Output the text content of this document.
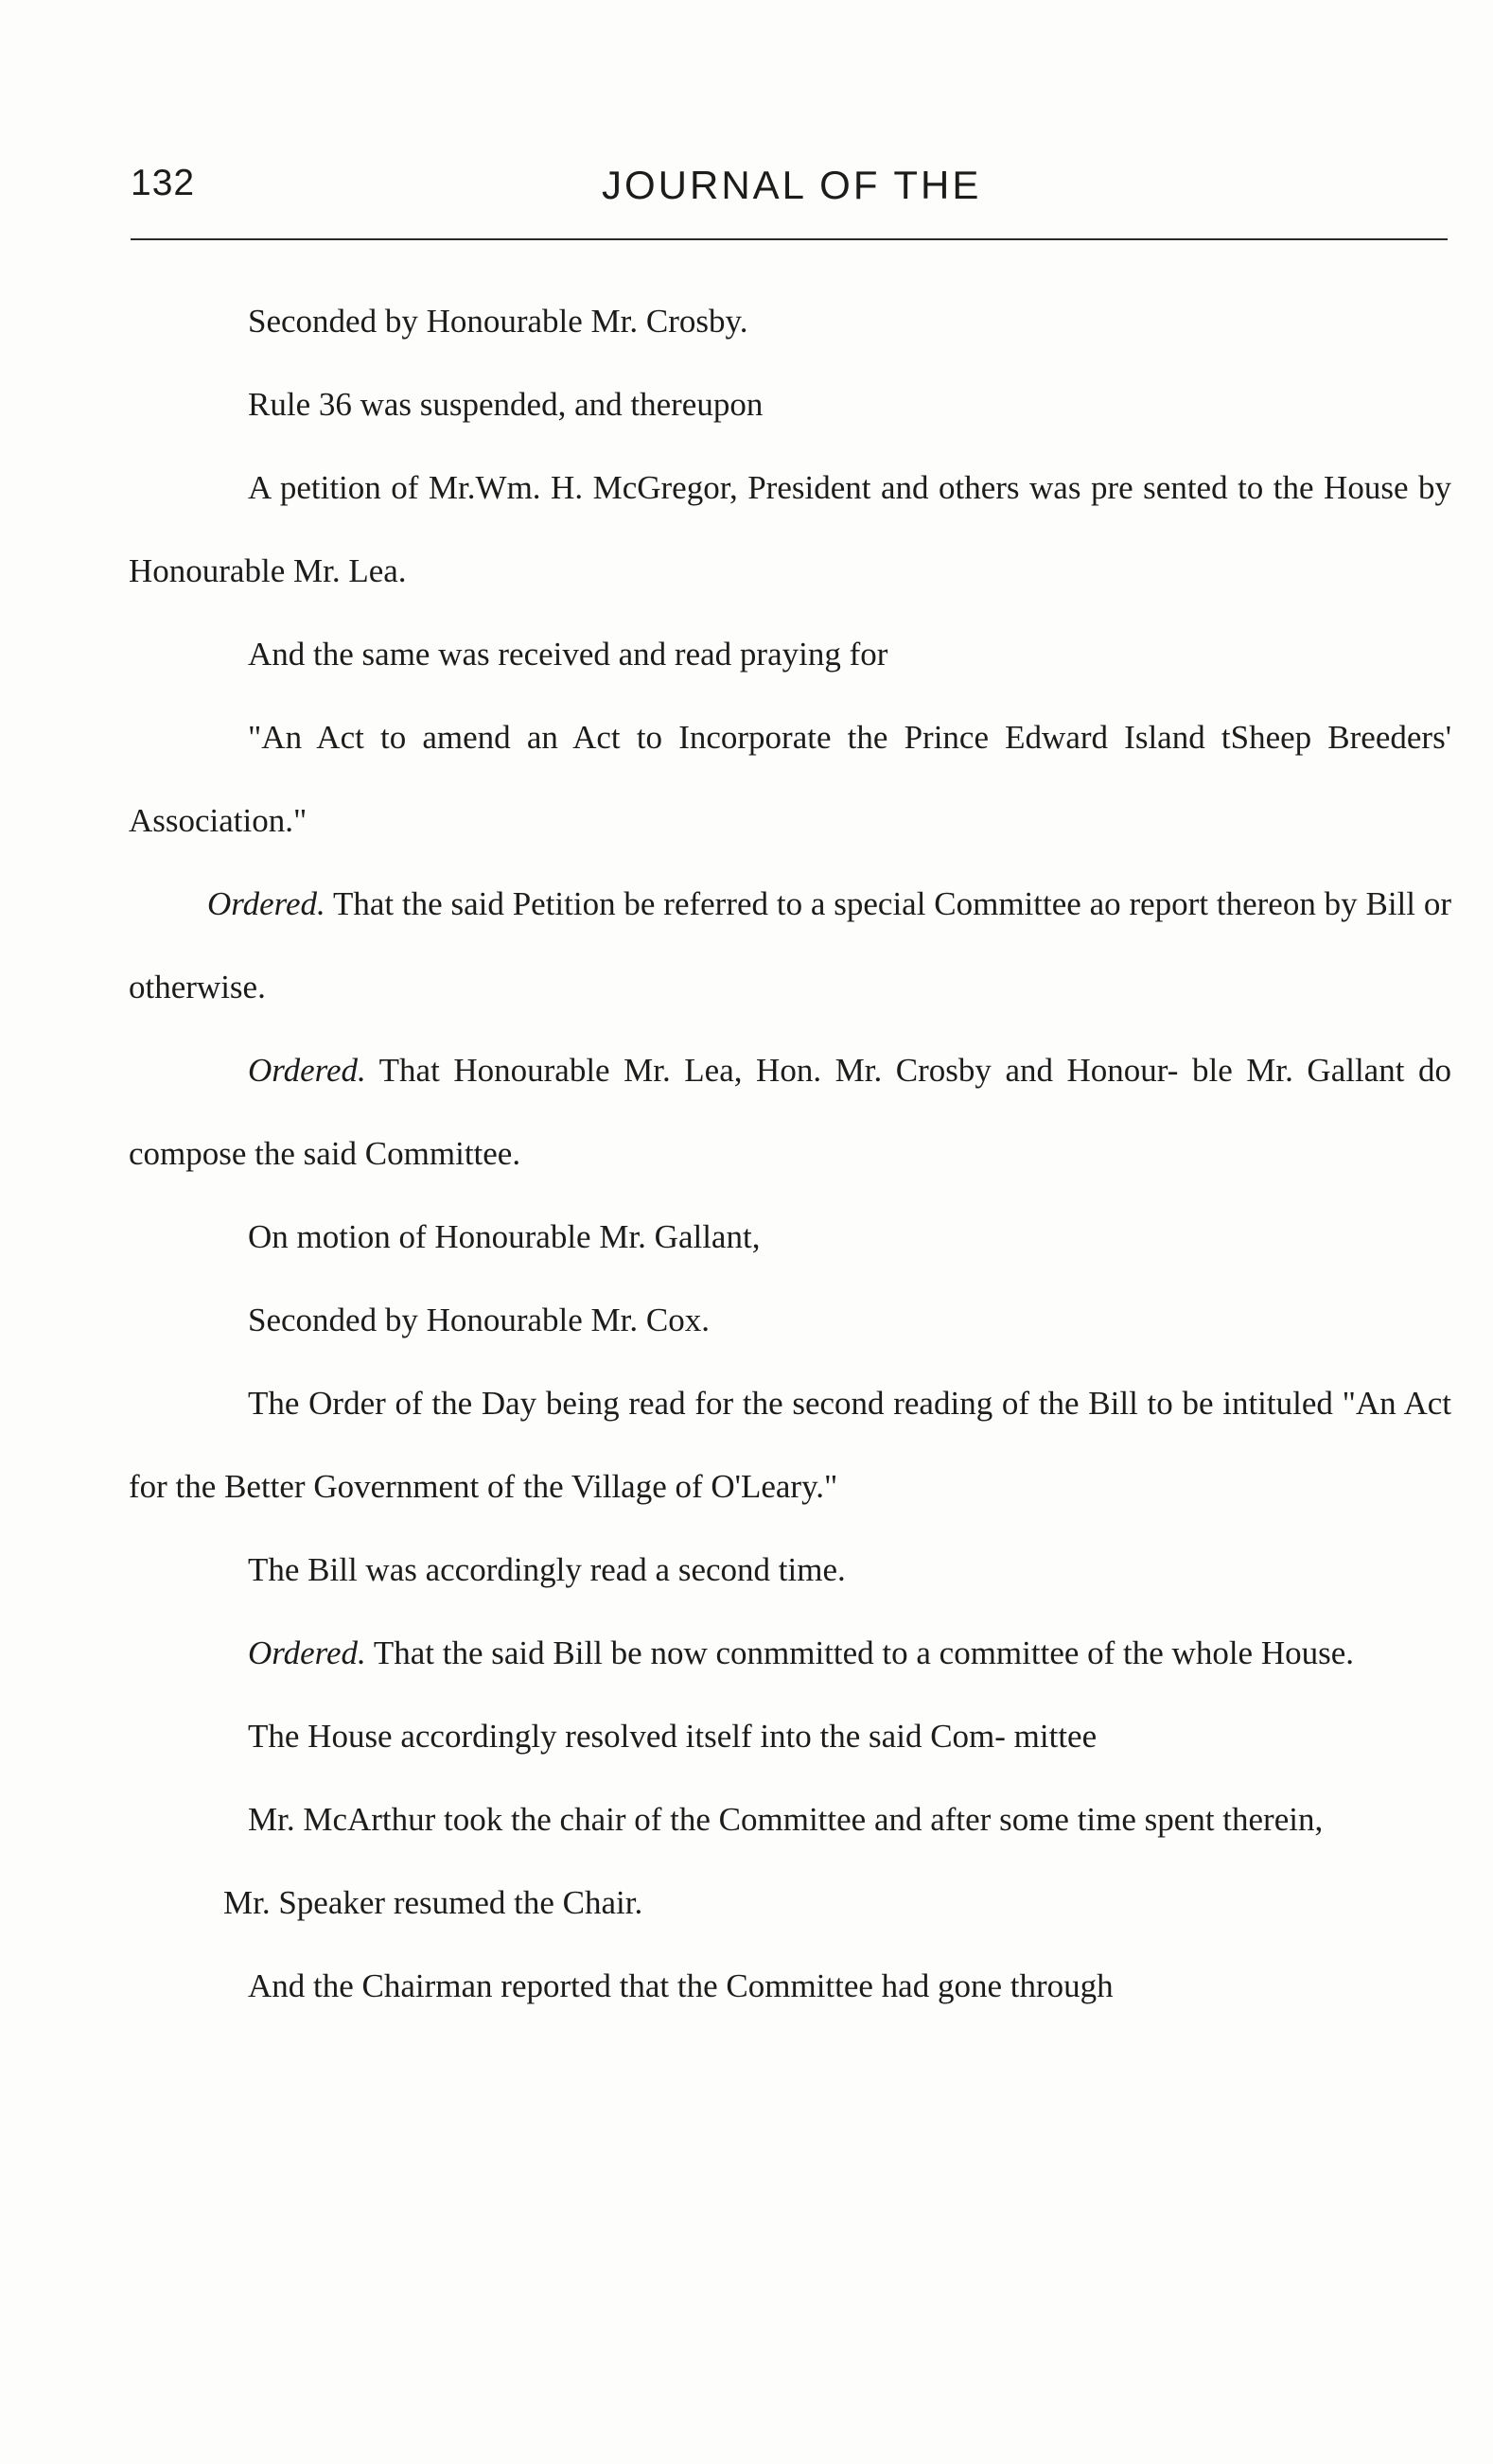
132	JOURNAL OF THE

Seconded by Honourable Mr. Crosby.

Rule 36 was suspended, and thereupon

A petition of Mr.Wm. H. McGregor, President and others was pre sented to the House by Honourable Mr. Lea.

And the same was received and read praying for

"An Act to amend an Act to Incorporate the Prince Edward Island tSheep Breeders' Association."

Ordered. That the said Petition be referred to a special Committee ao report thereon by Bill or otherwise.

Ordered. That Honourable Mr. Lea, Hon. Mr. Crosby and Honour- ble Mr. Gallant do compose the said Committee.

On motion of Honourable Mr. Gallant,

Seconded by Honourable Mr. Cox.

The Order of the Day being read for the second reading of the Bill to be intituled "An Act for the Better Government of the Village of O'Leary."

The Bill was accordingly read a second time.

Ordered. That the said Bill be now conmmitted to a committee of the whole House.

The House accordingly resolved itself into the said Com- mittee

Mr. McArthur took the chair of the Committee and after some time spent therein,

Mr. Speaker resumed the Chair.

And the Chairman reported that the Committee had gone through
